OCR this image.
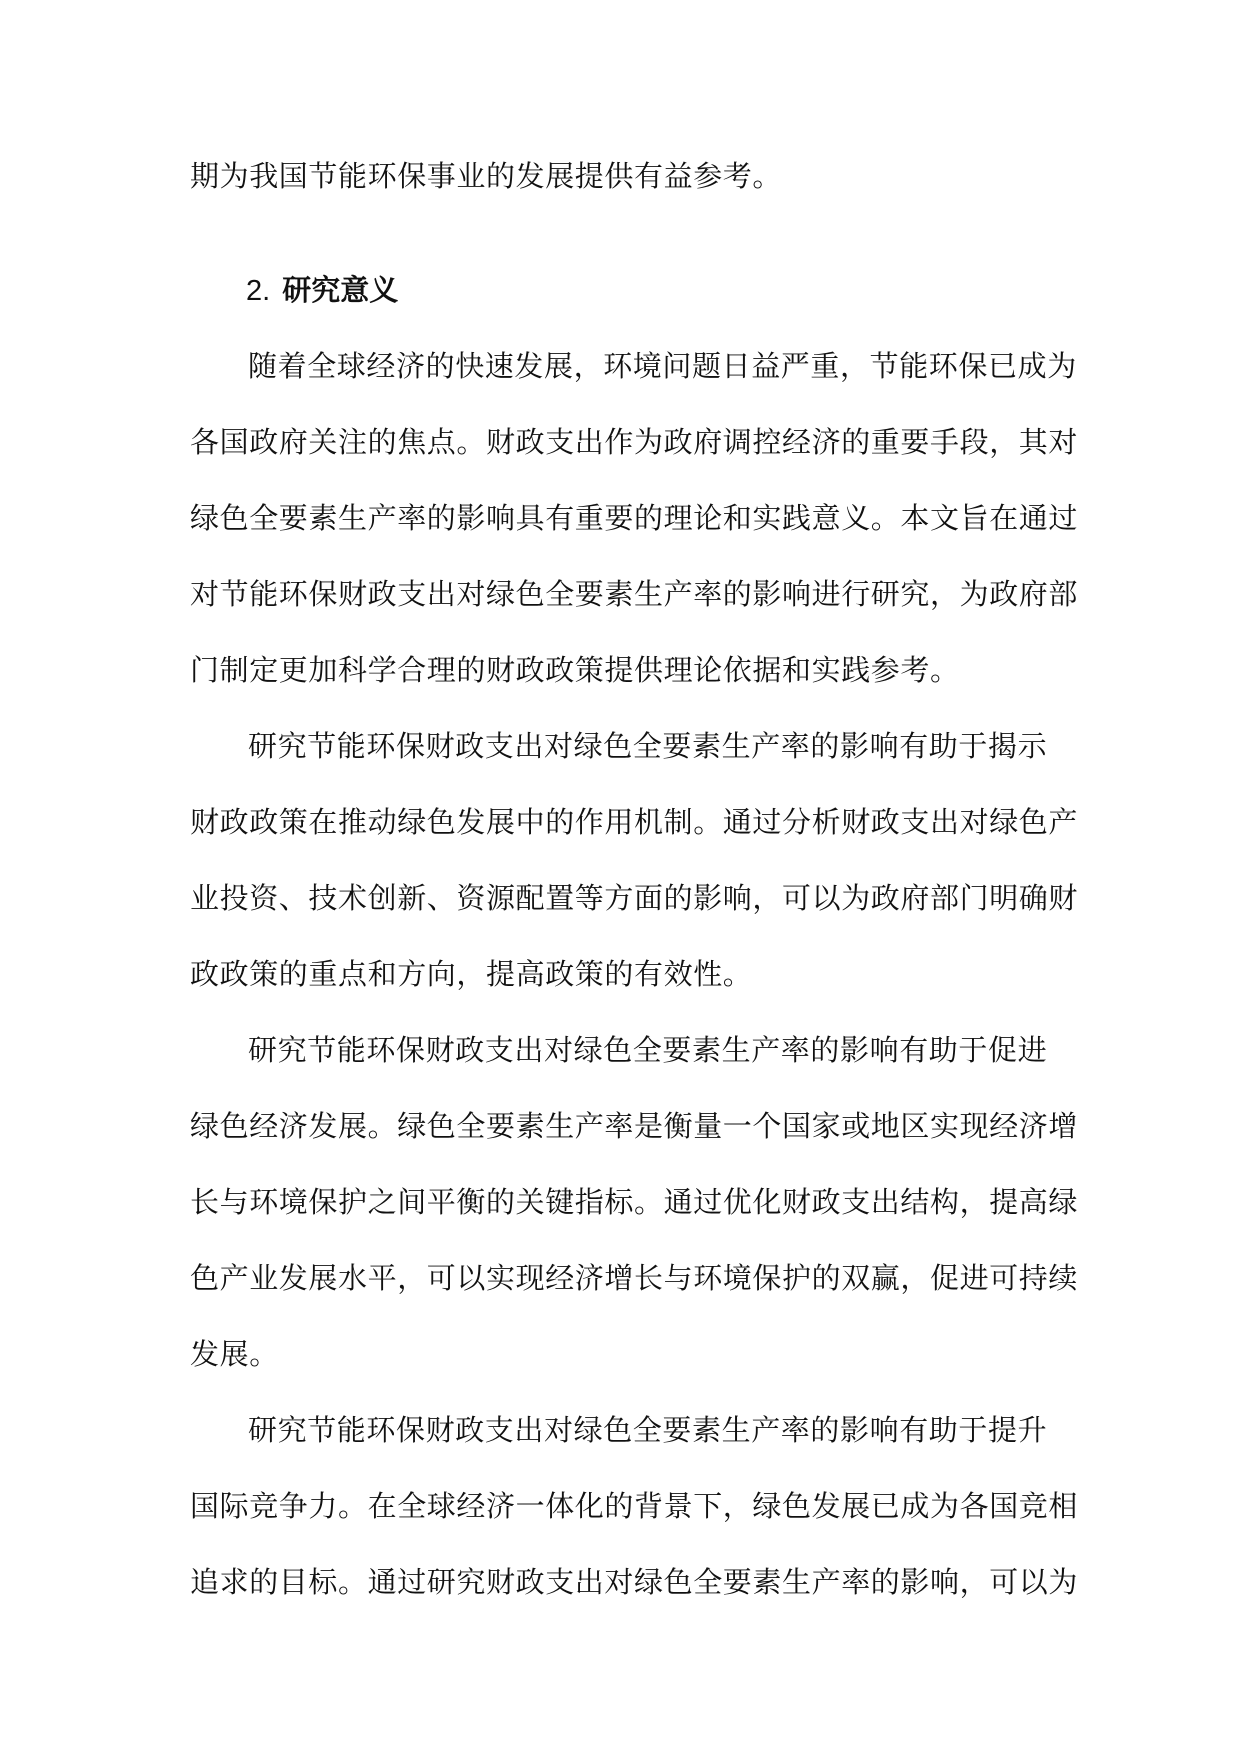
期为我国节能环保事业的发展提供有益参考。

2. 研究意义

随着全球经济的快速发展，环境问题日益严重，节能环保已成为

各国政府关注的焦点。财政支出作为政府调控经济的重要手段，其对

绿色全要素生产率的影响具有重要的理论和实践意义。本文旨在通过

对节能环保财政支出对绿色全要素生产率的影响进行研究，为政府部

门制定更加科学合理的财政政策提供理论依据和实践参考。

研究节能环保财政支出对绿色全要素生产率的影响有助于揭示

财政政策在推动绿色发展中的作用机制。通过分析财政支出对绿色产

业投资、技术创新、资源配置等方面的影响，可以为政府部门明确财

政政策的重点和方向，提高政策的有效性。

研究节能环保财政支出对绿色全要素生产率的影响有助于促进

绿色经济发展。绿色全要素生产率是衡量一个国家或地区实现经济增

长与环境保护之间平衡的关键指标。通过优化财政支出结构，提高绿

色产业发展水平，可以实现经济增长与环境保护的双赢，促进可持续

发展。

研究节能环保财政支出对绿色全要素生产率的影响有助于提升

国际竞争力。在全球经济一体化的背景下，绿色发展已成为各国竞相

追求的目标。通过研究财政支出对绿色全要素生产率的影响，可以为
